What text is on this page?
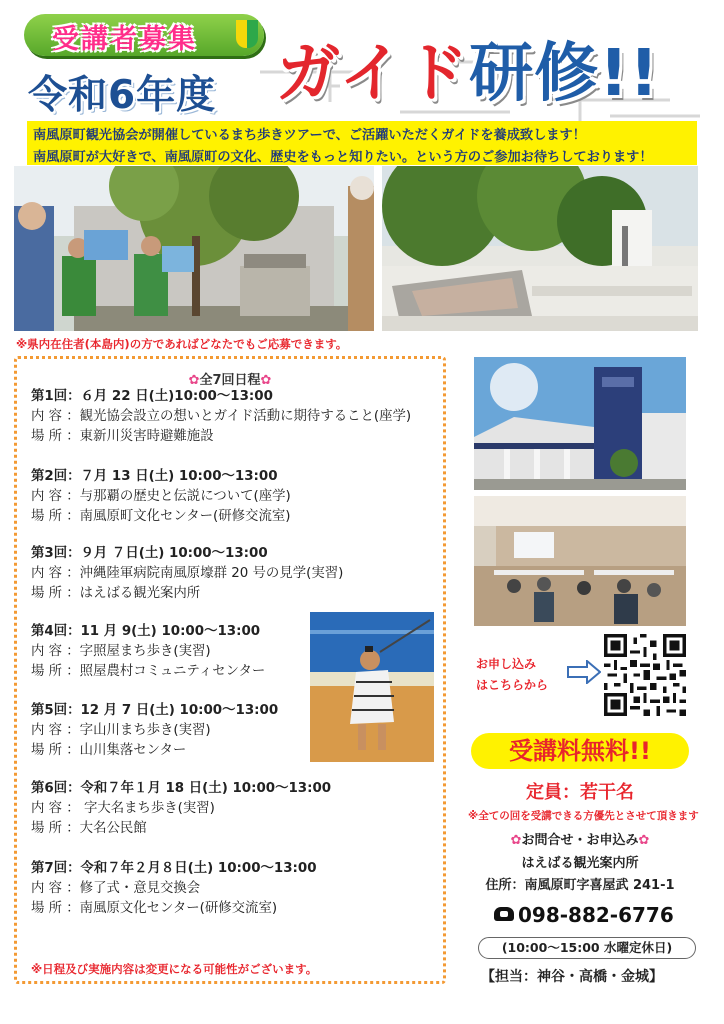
受講者募集
令和6年度 ガイド研修!!
南風原町観光協会が開催しているまち歩きツアーで、ご活躍いただくガイドを養成致します！
南風原町が大好きで、南風原町の文化、歴史をもっと知りたい。という方のご参加お待ちしております！
※県内在住者(本島内)の方であればどなたでもご応募できます。
✿全7回日程✿
第1回：６月 22 日(土)10:00～13:00
内 容 ：観光協会設立の想いとガイド活動に期待すること(座学)
場 所 ：東新川災害時避難施設
第2回：７月 13 日(土) 10:00～13:00
内 容 ：与那覇の歴史と伝説について(座学)
場 所 ：南風原町文化センター(研修交流室)
第3回：９月 ７日(土) 10:00～13:00
内 容 ：沖縄陸軍病院南風原壕群 20 号の見学(実習)
場 所 ：はえばる観光案内所
第4回：11 月 9(土) 10:00～13:00
内 容 ：字照屋まち歩き(実習)
場 所 ：照屋農村コミュニティセンター
第5回：12 月 7 日(土) 10:00～13:00
内 容 ：字山川まち歩き(実習)
場 所 ：山川集落センター
第6回：令和７年１月 18 日(土) 10:00～13:00
内 容 ： 字大名まち歩き(実習)
場 所 ：大名公民館
第7回：令和７年２月８日(土) 10:00～13:00
内 容 ：修了式・意見交換会
場 所 ：南風原文化センター(研修交流室)
※日程及び実施内容は変更になる可能性がございます。
お申し込み
はこちらから
受講料無料!!
定員：若干名
※全ての回を受講できる方優先とさせて頂きます
✿お問合せ・お申込み✿
はえばる観光案内所
住所：南風原町字喜屋武 241-1
098-882-6776
(10:00～15:00 水曜定休日)
【担当：神谷・高橋・金城】
